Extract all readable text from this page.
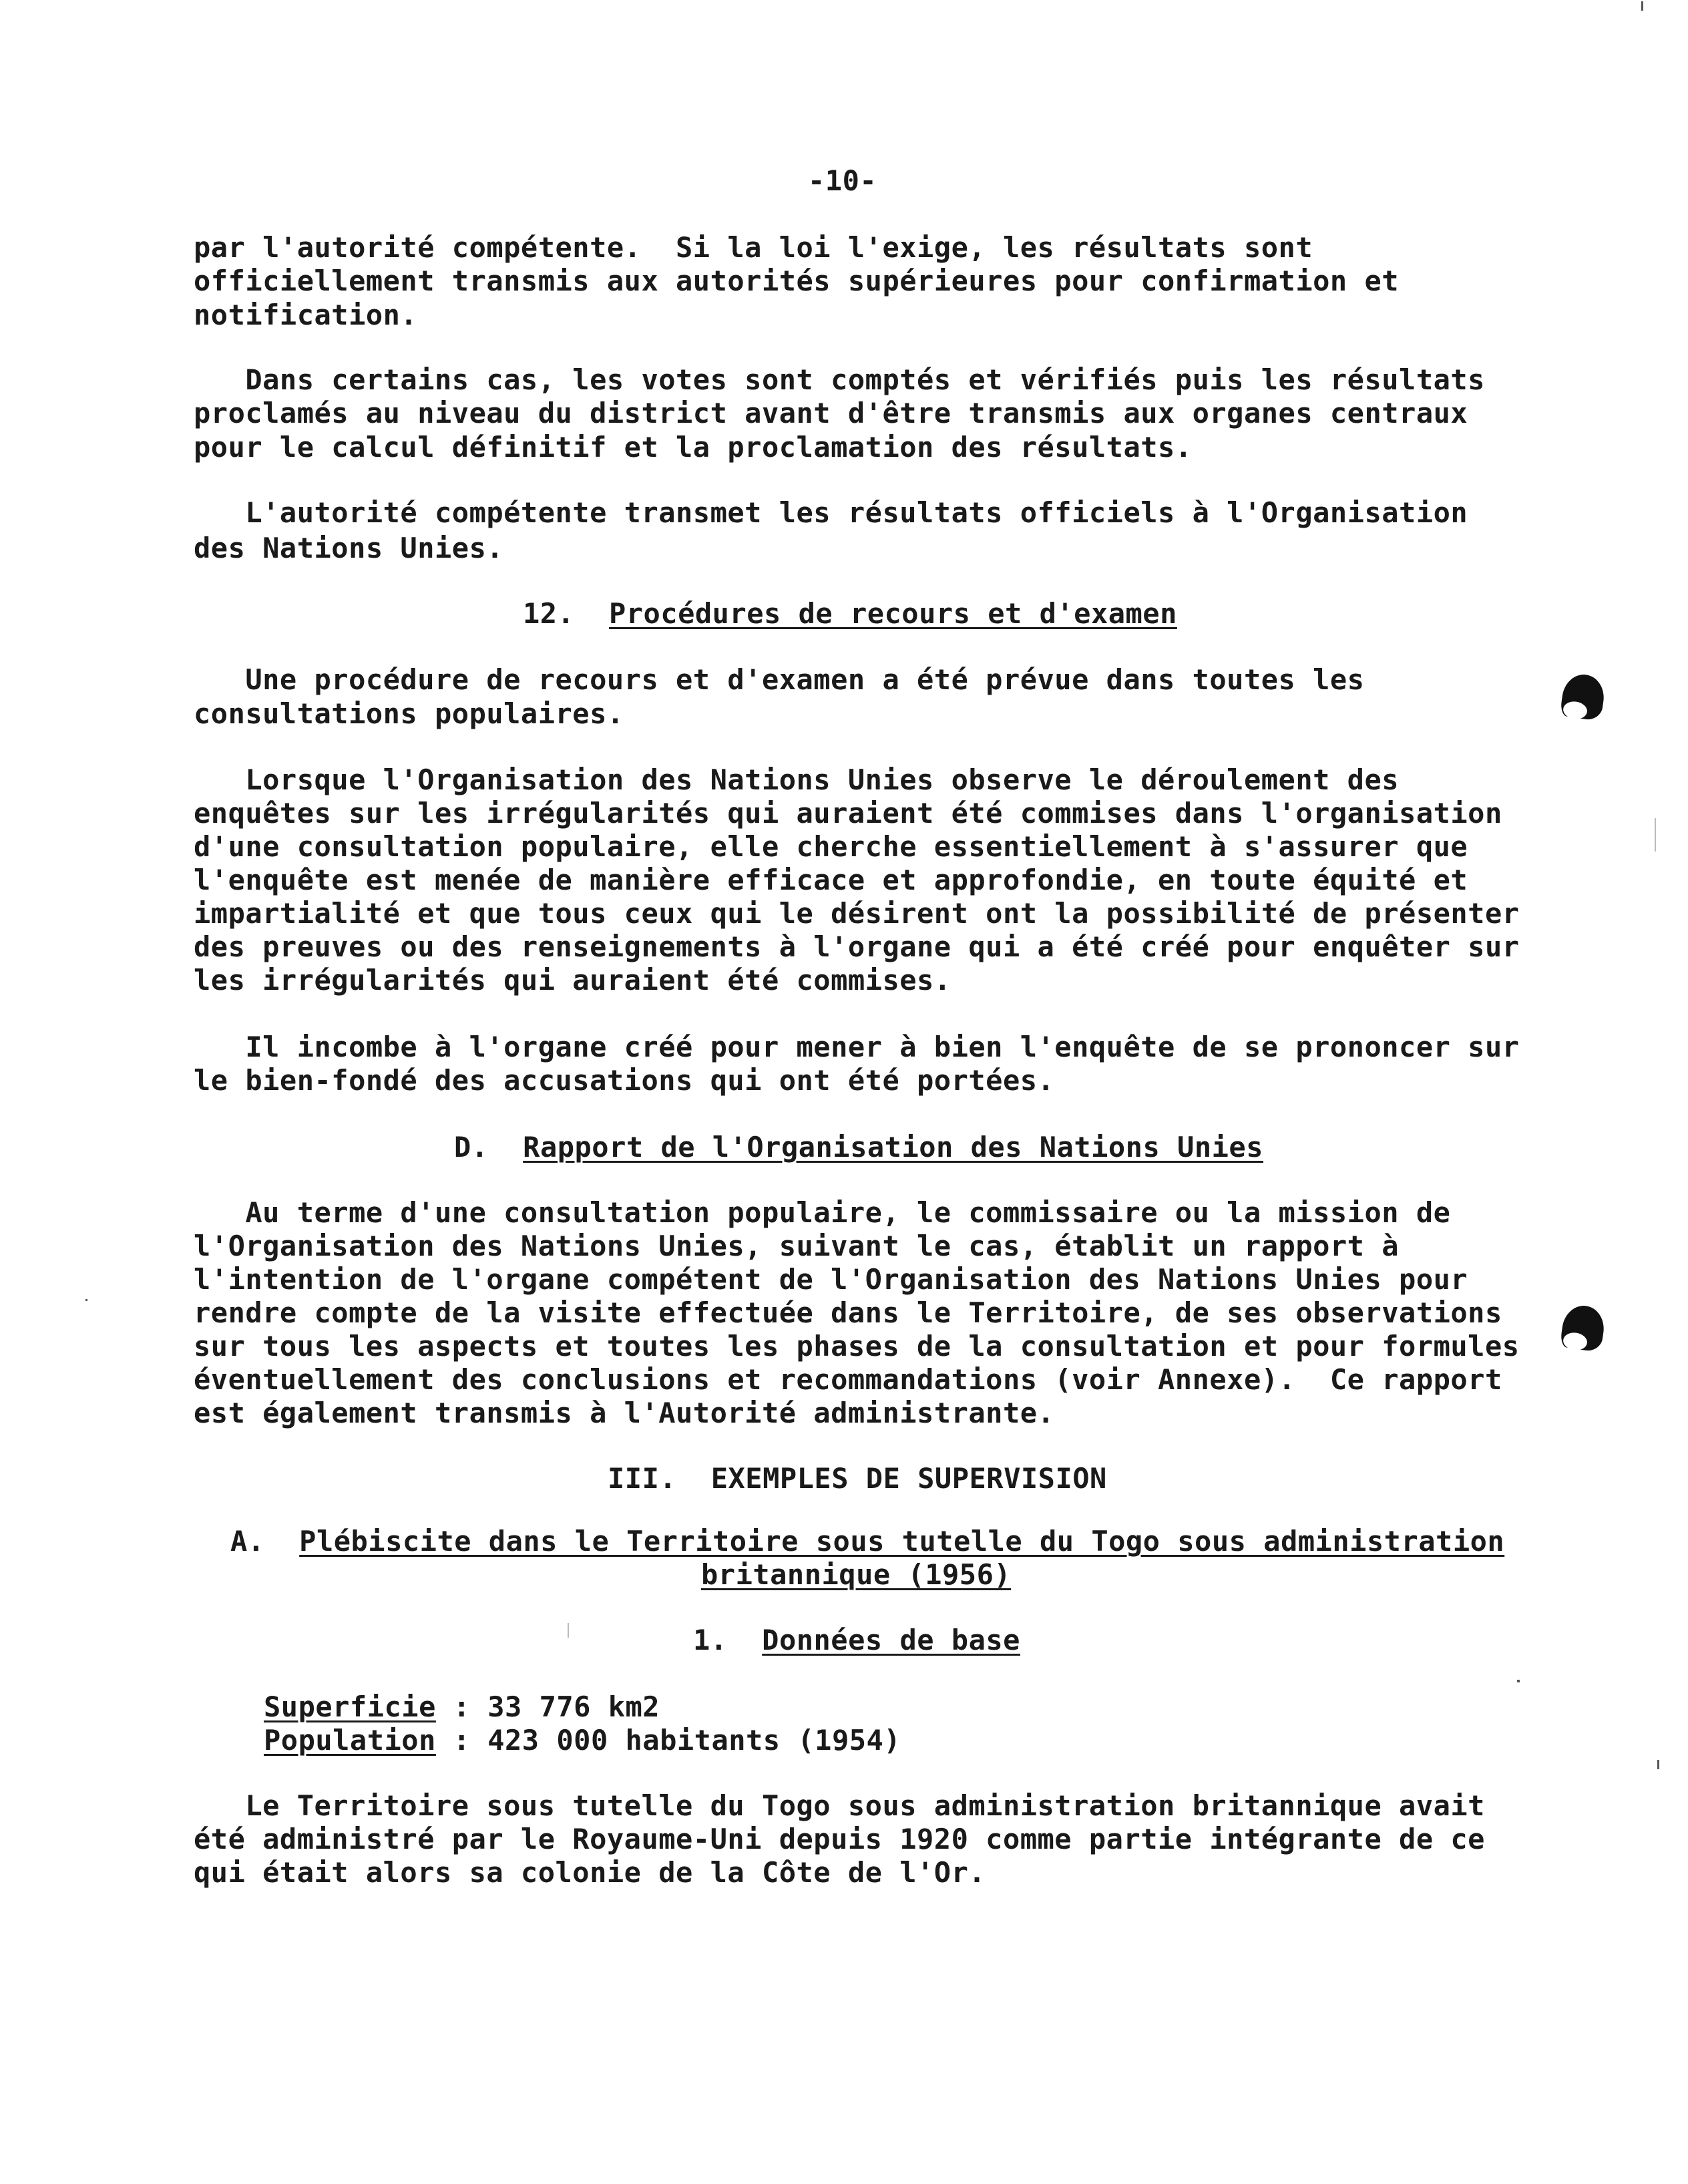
-10-
par l'autorité compétente.  Si la loi l'exige, les résultats sont
officiellement transmis aux autorités supérieures pour confirmation et
notification.
Dans certains cas, les votes sont comptés et vérifiés puis les résultats
proclamés au niveau du district avant d'être transmis aux organes centraux
pour le calcul définitif et la proclamation des résultats.
L'autorité compétente transmet les résultats officiels à l'Organisation
des Nations Unies.
12. Procédures de recours et d'examen
Une procédure de recours et d'examen a été prévue dans toutes les
consultations populaires.
Lorsque l'Organisation des Nations Unies observe le déroulement des
enquêtes sur les irrégularités qui auraient été commises dans l'organisation
d'une consultation populaire, elle cherche essentiellement à s'assurer que
l'enquête est menée de manière efficace et approfondie, en toute équité et
impartialité et que tous ceux qui le désirent ont la possibilité de présenter
des preuves ou des renseignements à l'organe qui a été créé pour enquêter sur
les irrégularités qui auraient été commises.
Il incombe à l'organe créé pour mener à bien l'enquête de se prononcer sur
le bien-fondé des accusations qui ont été portées.
D. Rapport de l'Organisation des Nations Unies
Au terme d'une consultation populaire, le commissaire ou la mission de
l'Organisation des Nations Unies, suivant le cas, établit un rapport à
l'intention de l'organe compétent de l'Organisation des Nations Unies pour
rendre compte de la visite effectuée dans le Territoire, de ses observations
sur tous les aspects et toutes les phases de la consultation et pour formules
éventuellement des conclusions et recommandations (voir Annexe).  Ce rapport
est également transmis à l'Autorité administrante.
III.  EXEMPLES DE SUPERVISION
A. Plébiscite dans le Territoire sous tutelle du Togo sous administration
britannique (1956)
1. Données de base
Superficie : 33 776 km2
Population : 423 000 habitants (1954)
Le Territoire sous tutelle du Togo sous administration britannique avait
été administré par le Royaume-Uni depuis 1920 comme partie intégrante de ce
qui était alors sa colonie de la Côte de l'Or.
